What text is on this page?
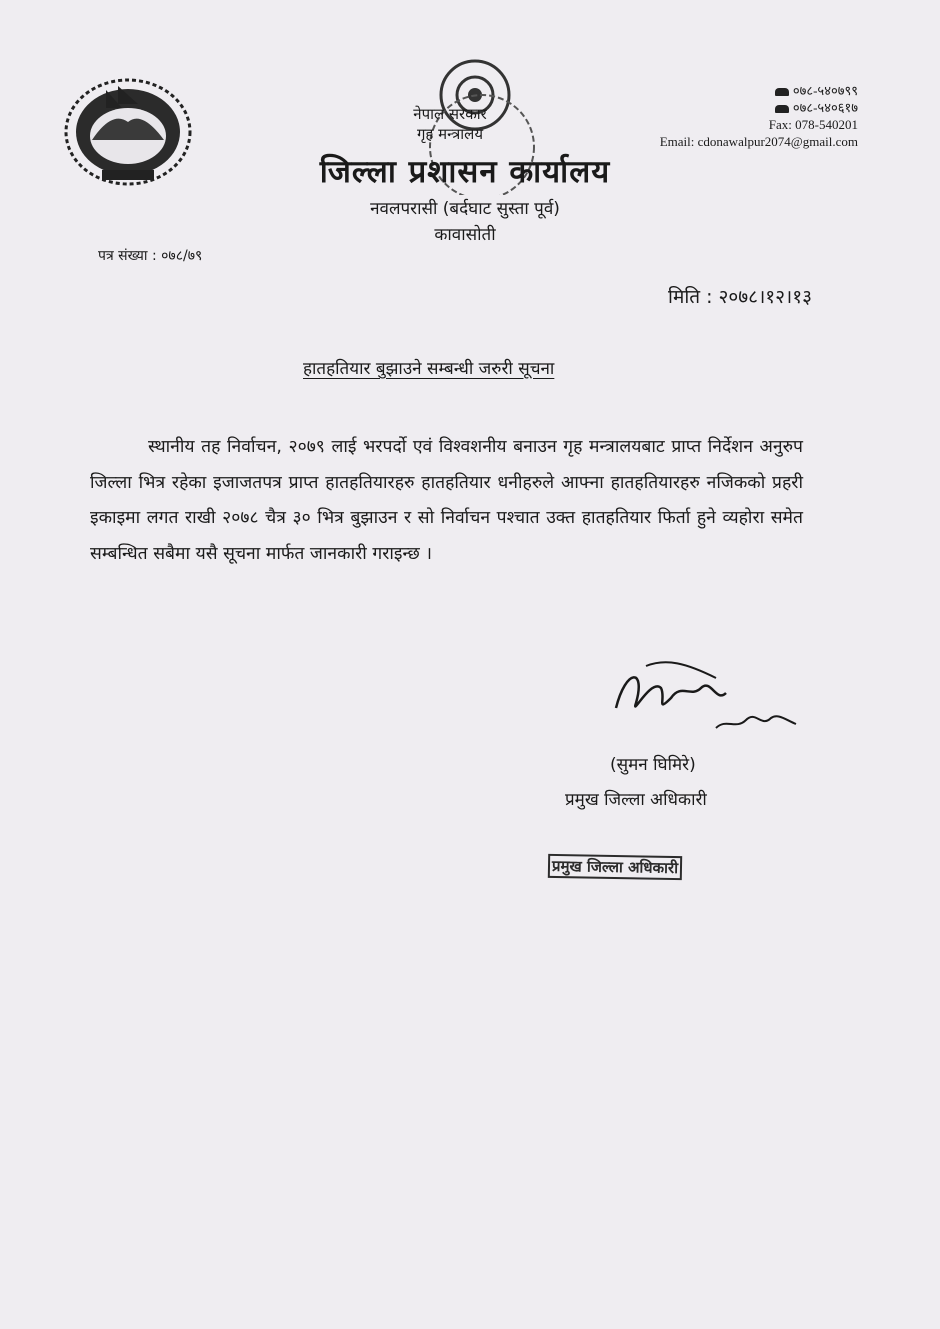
नेपाल सरकार
गृह मन्त्रालय
जिल्ला प्रशासन कार्यालय
नवलपरासी (बर्दघाट सुस्ता पूर्व)
कावासोती
०७८-५४०७९९
०७८-५४०६१७
Fax: 078-540201
Email: cdonawalpur2074@gmail.com
पत्र संख्या : ०७८/७९
मिति : २०७८।१२।१३
हातहतियार बुझाउने सम्बन्धी जरुरी सूचना
स्थानीय तह निर्वाचन, २०७९ लाई भरपर्दो एवं विश्वशनीय बनाउन गृह मन्त्रालयबाट प्राप्त निर्देशन अनुरुप जिल्ला भित्र रहेका इजाजतपत्र प्राप्त हातहतियारहरु हातहतियार धनीहरुले आफ्ना हातहतियारहरु नजिकको प्रहरी इकाइमा लगत राखी २०७८ चैत्र ३० भित्र बुझाउन र सो निर्वाचन पश्चात उक्त हातहतियार फिर्ता हुने व्यहोरा समेत सम्बन्धित सबैमा यसै सूचना मार्फत जानकारी गराइन्छ ।
(सुमन घिमिरे)
प्रमुख जिल्ला अधिकारी
प्रमुख जिल्ला अधिकारी
